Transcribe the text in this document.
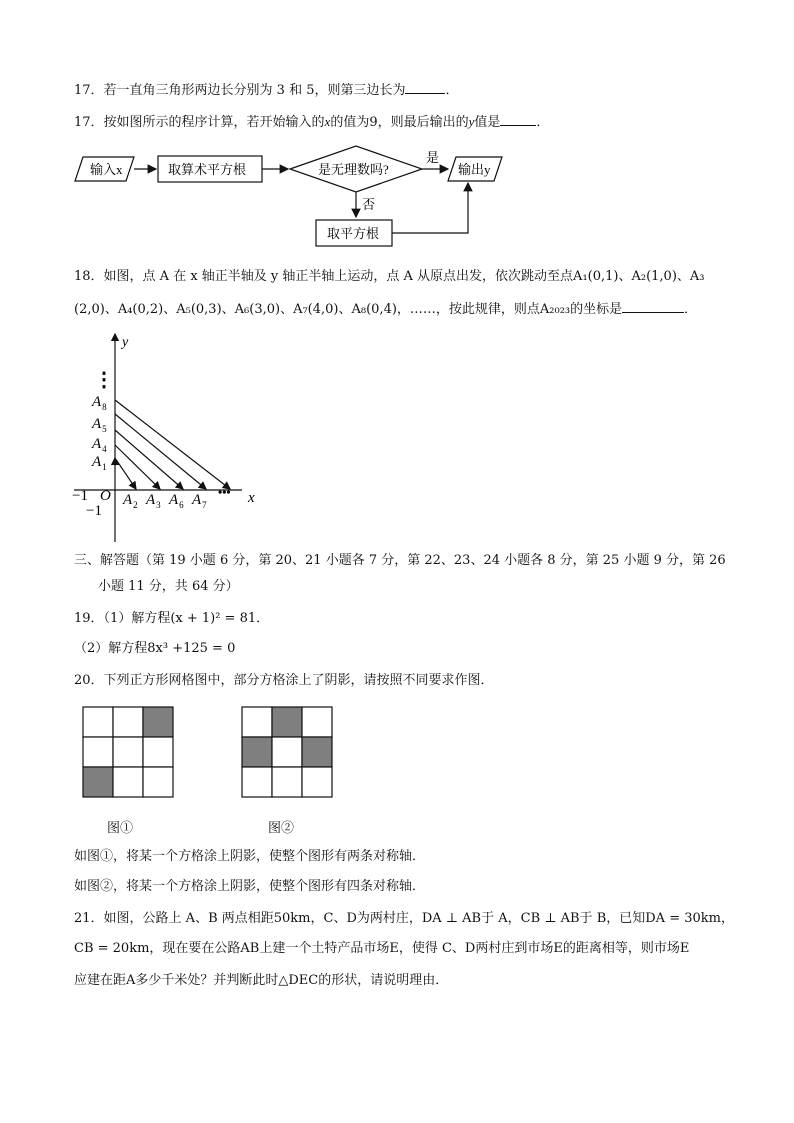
17．若一直角三角形两边长分别为 3 和 5，则第三边长为	．
17．按如图所示的程序计算，若开始输入的x的值为9，则最后输出的y值是	．
输入x	取算术平方根	是无理数吗?
是
输出y
否
取平方根
18．如图，点 A 在 x 轴正半轴及 y 轴正半轴上运动，点 A 从原点出发，依次跳动至点A₁(0,1)、A₂(1,0)、A₃
(2,0)、A₄(0,2)、A₅(0,3)、A₆(3,0)、A₇(4,0)、A₈(0,4)，……，按此规律，则点A₂₀₂₃的坐标是	．
y
x
O
−1
−1
⋮
•••
$A_8$
$A_5$
$A_4$
$A_1$
$A_2$ $A_3$ $A_6$ $A_7$
三、解答题（第 19 小题 6 分，第 20、21 小题各 7 分，第 22、23、24 小题各 8 分，第 25 小题 9 分，第 26
小题 11 分，共 64 分）
19．（1）解方程(x + 1)² = 81．
（2）解方程8x³ +125 = 0
20．下列正方形网格图中，部分方格涂上了阴影，请按照不同要求作图．
图①	图②
如图①，将某一个方格涂上阴影，使整个图形有两条对称轴．
如图②，将某一个方格涂上阴影，使整个图形有四条对称轴．
21．如图，公路上 A、B 两点相距50km，C、D为两村庄，DA ⊥ AB于 A，CB ⊥ AB于 B，已知DA = 30km，
CB = 20km，现在要在公路AB上建一个土特产品市场E，使得 C、D两村庄到市场E的距离相等，则市场E
应建在距A多少千米处？并判断此时△DEC的形状，请说明理由．
